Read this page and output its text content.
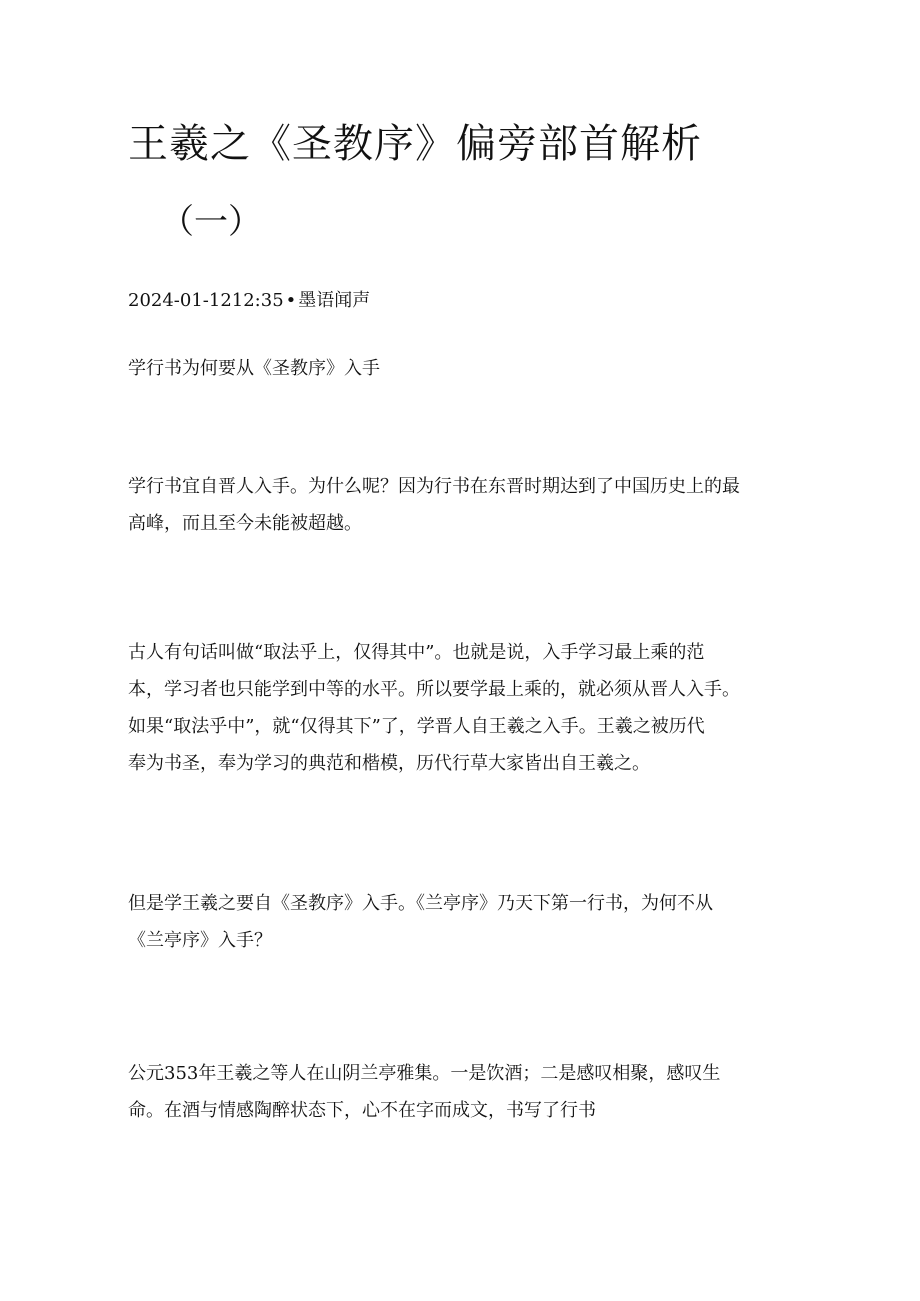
王羲之《圣教序》偏旁部首解析
（一）
2024-01-1212:35 • 墨语闻声

学行书为何要从《圣教序》入手

学行书宜自晋人入手。为什么呢？因为行书在东晋时期达到了中国历史上的最
高峰，而且至今未能被超越。

古人有句话叫做“取法乎上，仅得其中”。也就是说，入手学习最上乘的范
本，学习者也只能学到中等的水平。所以要学最上乘的，就必须从晋人入手。
如果“取法乎中”，就“仅得其下”了，学晋人自王羲之入手。王羲之被历代
奉为书圣，奉为学习的典范和楷模，历代行草大家皆出自王羲之。

但是学王羲之要自《圣教序》入手。《兰亭序》乃天下第一行书，为何不从
《兰亭序》入手？

公元353年王羲之等人在山阴兰亭雅集。一是饮酒；二是感叹相聚，感叹生
命。在酒与情感陶醉状态下，心不在字而成文，书写了行书
